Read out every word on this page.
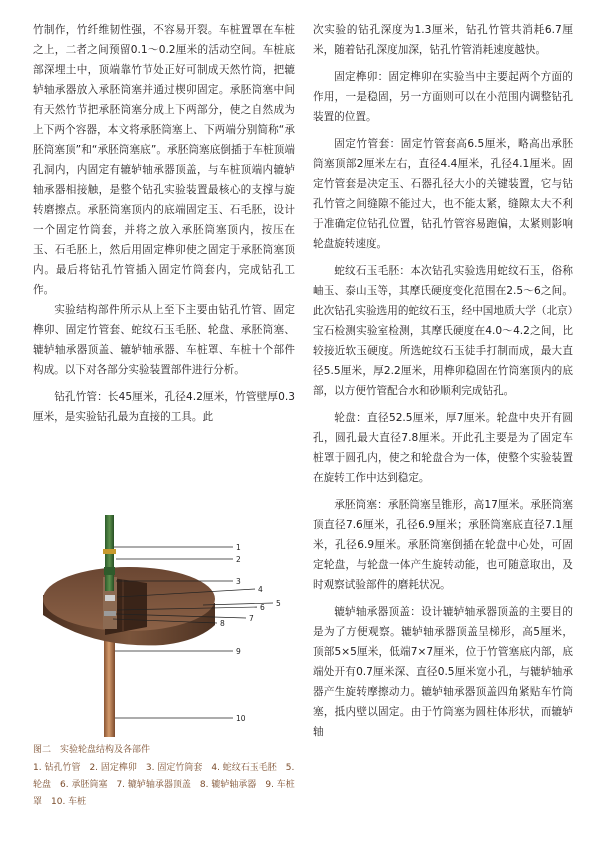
竹制作，竹纤维韧性强，不容易开裂。车桩置罩在车桩之上，二者之间预留0.1～0.2厘米的活动空间。车桩底部深埋土中，顶端靠竹节处正好可制成天然竹筒，把辘轳轴承器放入承胚筒塞并通过楔卯固定。承胚筒塞中间有天然竹节把承胚筒塞分成上下两部分，使之自然成为上下两个容器，本文将承胚筒塞上、下两端分别简称“承胚筒塞顶”和“承胚筒塞底”。承胚筒塞底倒插于车桩顶端孔洞内，内固定有辘轳轴承器顶盖，与车桩顶端内辘轳轴承器相接触，是整个钻孔实验装置最核心的支撑与旋转磨擦点。承胚筒塞顶内的底端固定玉、石毛胚，设计一个固定竹筒套，并将之放入承胚筒塞顶内，按压在玉、石毛胚上，然后用固定榫卯使之固定于承胚筒塞顶内。最后将钻孔竹管插入固定竹筒套内，完成钻孔工作。

实验结构部件所示从上至下主要由钻孔竹管、固定榫卯、固定竹管套、蛇纹石玉毛胚、轮盘、承胚筒塞、辘轳轴承器顶盖、辘轳轴承器、车桩罩、车桩十个部件构成。以下对各部分实验装置部件进行分析。

钻孔竹管：长45厘米，孔径4.2厘米，竹管壁厚0.3厘米，是实验钻孔最为直接的工具。此

次实验的钻孔深度为1.3厘米，钻孔竹管共消耗6.7厘米，随着钻孔深度加深，钻孔竹管消耗速度越快。

固定榫卯：固定榫卯在实验当中主要起两个方面的作用，一是稳固，另一方面则可以在小范围内调整钻孔装置的位置。

固定竹管套：固定竹管套高6.5厘米，略高出承胚筒塞顶部2厘米左右，直径4.4厘米，孔径4.1厘米。固定竹管套是决定玉、石器孔径大小的关键装置，它与钻孔竹管之间缝隙不能过大，也不能太紧，缝隙太大不利于准确定位钻孔位置，钻孔竹管容易跑偏，太紧则影响轮盘旋转速度。

蛇纹石玉毛胚：本次钻孔实验选用蛇纹石玉，俗称岫玉、泰山玉等，其摩氏硬度变化范围在2.5～6之间。此次钻孔实验选用的蛇纹石玉，经中国地质大学（北京）宝石检测实验室检测，其摩氏硬度在4.0～4.2之间，比较接近软玉硬度。所选蛇纹石玉徒手打制而成，最大直径5.5厘米，厚2.2厘米，用榫卯稳固在竹筒塞顶内的底部，以方便竹管配合水和砂顺利完成钻孔。

轮盘：直径52.5厘米，厚7厘米。轮盘中央开有圆孔，圆孔最大直径7.8厘米。开此孔主要是为了固定车桩罩于圆孔内，使之和轮盘合为一体，使整个实验装置在旋转工作中达到稳定。

承胚筒塞：承胚筒塞呈锥形，高17厘米。承胚筒塞顶直径7.6厘米，孔径6.9厘米；承胚筒塞底直径7.1厘米，孔径6.9厘米。承胚筒塞倒插在轮盘中心处，可固定轮盘，与轮盘一体产生旋转动能，也可随意取出，及时观察试验部件的磨耗状况。

辘轳轴承器顶盖：设计辘轳轴承器顶盖的主要目的是为了方便观察。辘轳轴承器顶盖呈梯形，高5厘米，顶部5×5厘米，低端7×7厘米，位于竹管塞底内部，底端处开有0.7厘米深、直径0.5厘米宽小孔，与辘轳轴承器产生旋转摩擦动力。辘轳轴承器顶盖四角紧贴车竹筒塞，抵内壁以固定。由于竹筒塞为圆柱体形状，而辘轳轴

1
2
3
4
5
6
7
8
9
10
图二　实验轮盘结构及各部件
1. 钻孔竹管　2. 固定榫卯　3. 固定竹筒套　4. 蛇纹石玉毛胚　5. 轮盘　6. 承胚筒塞　7. 辘轳轴承器顶盖　8. 辘轳轴承器　9. 车桩罩　10. 车桩
